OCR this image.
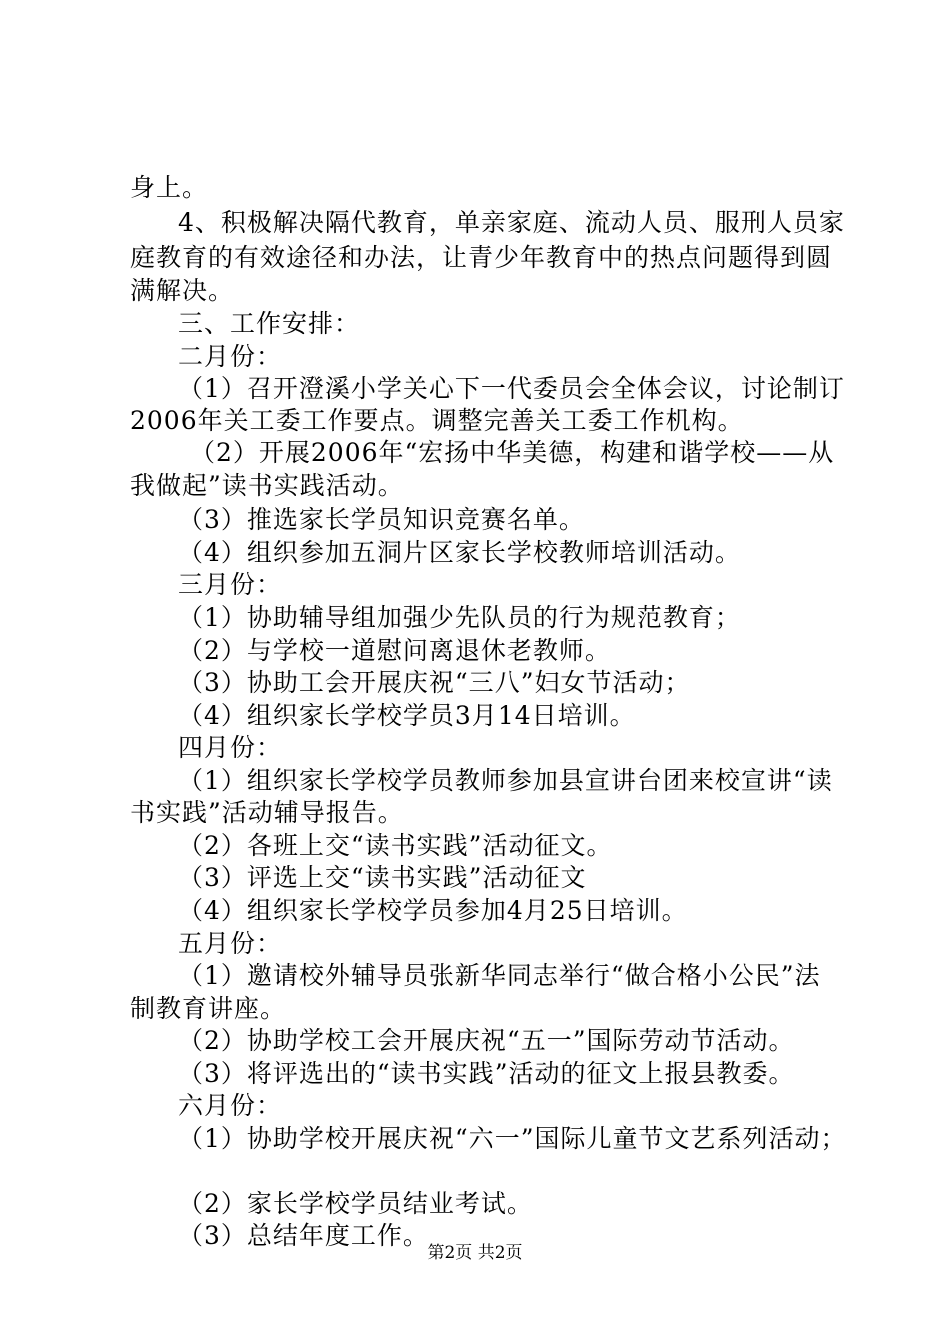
身上。
4、积极解决隔代教育，单亲家庭、流动人员、服刑人员家
庭教育的有效途径和办法，让青少年教育中的热点问题得到圆
满解决。
三、工作安排：
二月份：
（1）召开澄溪小学关心下一代委员会全体会议，讨论制订
2006年关工委工作要点。调整完善关工委工作机构。
（2）开展2006年“宏扬中华美德，构建和谐学校——从
我做起”读书实践活动。
（3）推选家长学员知识竞赛名单。
（4）组织参加五洞片区家长学校教师培训活动。
三月份：
（1）协助辅导组加强少先队员的行为规范教育；
（2）与学校一道慰问离退休老教师。
（3）协助工会开展庆祝“三八”妇女节活动；
（4）组织家长学校学员3月14日培训。
四月份：
（1）组织家长学校学员教师参加县宣讲台团来校宣讲“读
书实践”活动辅导报告。
（2）各班上交“读书实践”活动征文。
（3）评选上交“读书实践”活动征文
（4）组织家长学校学员参加4月25日培训。
五月份：
（1）邀请校外辅导员张新华同志举行“做合格小公民”法
制教育讲座。
（2）协助学校工会开展庆祝“五一”国际劳动节活动。
（3）将评选出的“读书实践”活动的征文上报县教委。
六月份：
（1）协助学校开展庆祝“六一”国际儿童节文艺系列活动；
（2）家长学校学员结业考试。
（3）总结年度工作。
第2页 共2页
